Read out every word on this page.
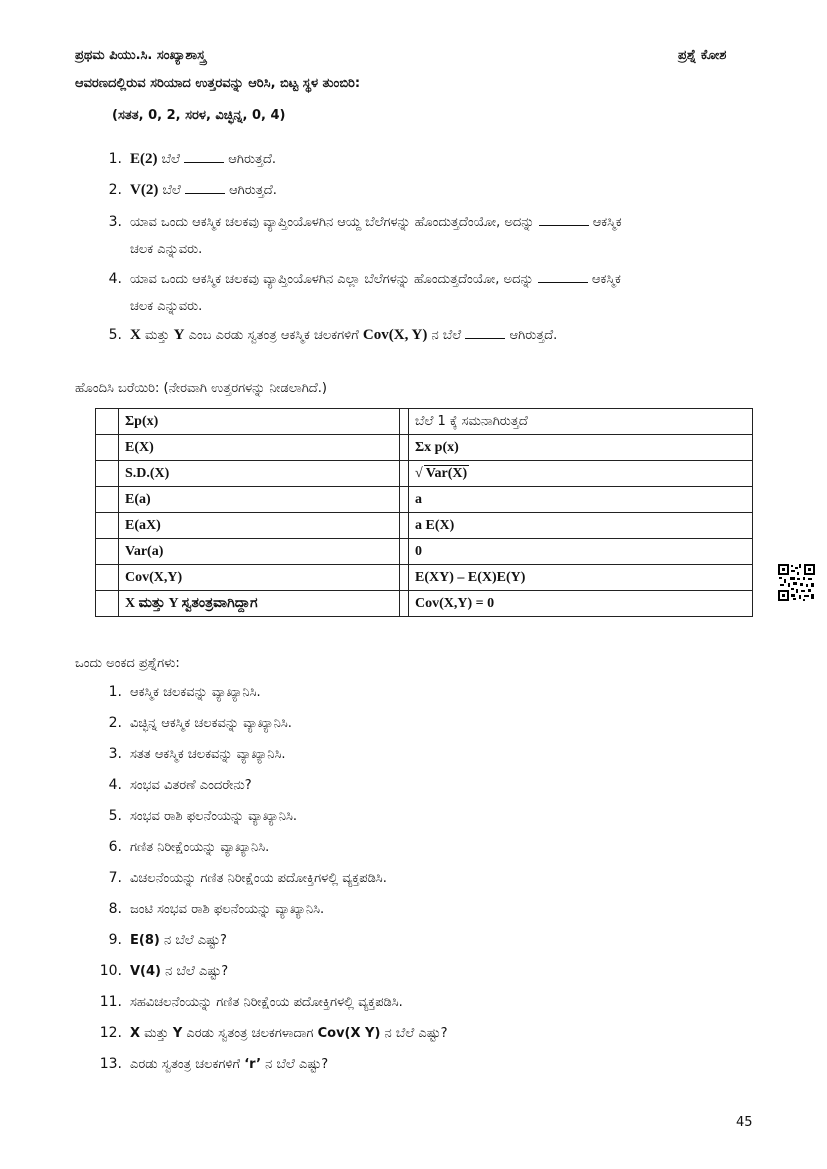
ಪ್ರಥಮ ಪಿಯು.ಸಿ. ಸಂಖ್ಯಾಶಾಸ್ತ್ರ	ಪ್ರಶ್ನೆ ಕೋಶ
ಆವರಣದಲ್ಲಿರುವ ಸರಿಯಾದ ಉತ್ತರವನ್ನು ಆರಿಸಿ, ಬಿಟ್ಟ ಸ್ಥಳ ತುಂಬಿರಿ:
(ಸತತ, 0, 2, ಸರಳ, ವಿಚ್ಛಿನ್ನ, 0, 4)
1. E(2) ಬೆಲೆ	ಆಗಿರುತ್ತದೆ.
2. V(2) ಬೆಲೆ	ಆಗಿರುತ್ತದೆ.
3. ಯಾವ ಒಂದು ಆಕಸ್ಮಿಕ ಚಲಕವು ವ್ಯಾಪ್ತಿಂಯೊಳಗಿನ ಆಯ್ದ ಬೆಲೆಗಳನ್ನು ಹೊಂದುತ್ತದೆಂಯೋ, ಅದನ್ನು	ಆಕಸ್ಮಿಕ
ಚಲಕ ಎನ್ನುವರು.
4. ಯಾವ ಒಂದು ಆಕಸ್ಮಿಕ ಚಲಕವು ವ್ಯಾಪ್ತಿಂಯೊಳಗಿನ ಎಲ್ಲಾ ಬೆಲೆಗಳನ್ನು ಹೊಂದುತ್ತದೆಂಯೋ, ಅದನ್ನು	ಆಕಸ್ಮಿಕ
ಚಲಕ ಎನ್ನುವರು.
5. X ಮತ್ತು Y ಎಂಬ ಎರಡು ಸ್ವತಂತ್ರ ಆಕಸ್ಮಿಕ ಚಲಕಗಳಿಗೆ Cov(X, Y) ನ ಬೆಲೆ	ಆಗಿರುತ್ತದೆ.
ಹೊಂದಿಸಿ ಬರೆಯಿರಿ: (ನೇರವಾಗಿ ಉತ್ತರಗಳನ್ನು ನೀಡಲಾಗಿದೆ.)
	Σp(x)		ಬೆಲೆ 1 ಕ್ಕೆ ಸಮನಾಗಿರುತ್ತದೆ
	E(X)		Σx p(x)
	S.D.(X)		√ Var(X)
	E(a)		a
	E(aX)		a E(X)
	Var(a)		0
	Cov(X,Y)		E(XY) – E(X)E(Y)
	X ಮತ್ತು Y ಸ್ವತಂತ್ರವಾಗಿದ್ದಾಗ		Cov(X,Y) = 0
ಒಂದು ಅಂಕದ ಪ್ರಶ್ನೆಗಳು:
1. ಆಕಸ್ಮಿಕ ಚಲಕವನ್ನು ವ್ಯಾಖ್ಯಾನಿಸಿ.
2. ವಿಚ್ಛಿನ್ನ ಆಕಸ್ಮಿಕ ಚಲಕವನ್ನು ವ್ಯಾಖ್ಯಾನಿಸಿ.
3. ಸತತ ಆಕಸ್ಮಿಕ ಚಲಕವನ್ನು ವ್ಯಾಖ್ಯಾನಿಸಿ.
4. ಸಂಭವ ವಿತರಣೆ ಎಂದರೇನು?
5. ಸಂಭವ ರಾಶಿ ಫಲನೆಂಯನ್ನು ವ್ಯಾಖ್ಯಾನಿಸಿ.
6. ಗಣಿತ ನಿರೀಕ್ಷೆಂಯನ್ನು ವ್ಯಾಖ್ಯಾನಿಸಿ.
7. ವಿಚಲನೆಂಯನ್ನು ಗಣಿತ ನಿರೀಕ್ಷೆಂಯ ಪದೋಕ್ತಿಗಳಲ್ಲಿ ವ್ಯಕ್ತಪಡಿಸಿ.
8. ಜಂಟಿ ಸಂಭವ ರಾಶಿ ಫಲನೆಂಯನ್ನು ವ್ಯಾಖ್ಯಾನಿಸಿ.
9. E(8) ನ ಬೆಲೆ ಎಷ್ಟು?
10. V(4) ನ ಬೆಲೆ ಎಷ್ಟು?
11. ಸಹವಿಚಲನೆಂಯನ್ನು ಗಣಿತ ನಿರೀಕ್ಷೆಂಯ ಪದೋಕ್ತಿಗಳಲ್ಲಿ ವ್ಯಕ್ತಪಡಿಸಿ.
12. X ಮತ್ತು Y ಎರಡು ಸ್ವತಂತ್ರ ಚಲಕಗಳಾದಾಗ Cov(X Y) ನ ಬೆಲೆ ಎಷ್ಟು?
13. ಎರಡು ಸ್ವತಂತ್ರ ಚಲಕಗಳಿಗೆ ‘r’ ನ ಬೆಲೆ ಎಷ್ಟು?
45
